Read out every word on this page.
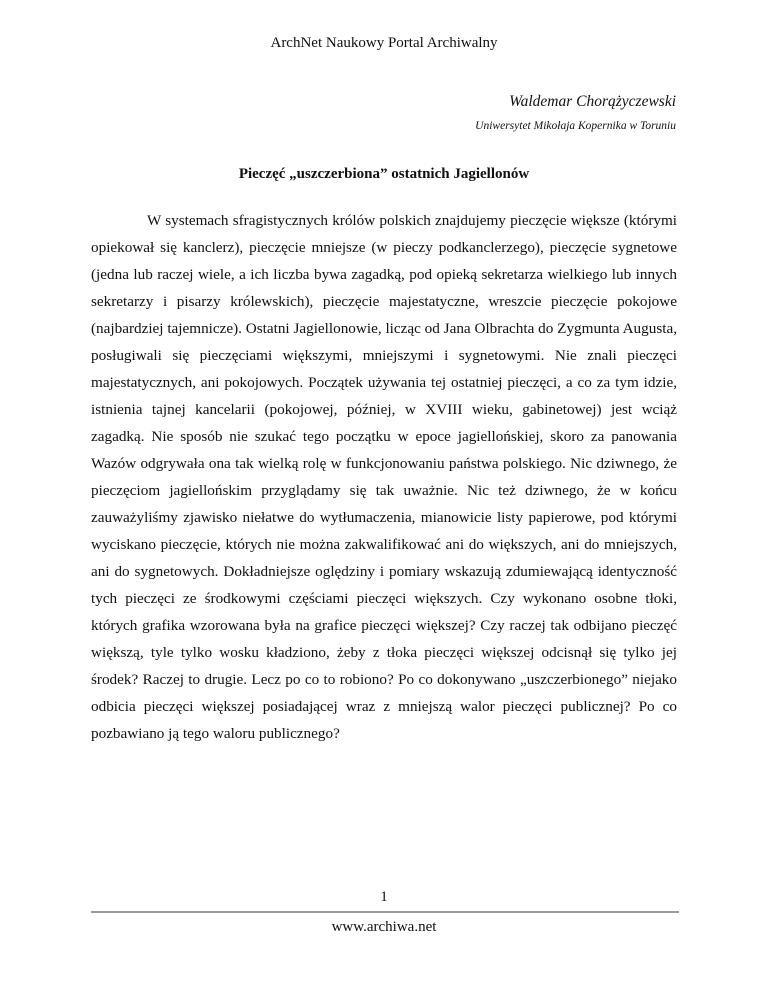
ArchNet Naukowy Portal Archiwalny
Waldemar Chorążyczewski
Uniwersytet Mikołaja Kopernika w Toruniu
Pieczęć „uszczerbiona” ostatnich Jagiellonów

W systemach sfragistycznych królów polskich znajdujemy pieczęcie większe (którymi opiekował się kanclerz), pieczęcie mniejsze (w pieczy podkanclerzego), pieczęcie sygnetowe (jedna lub raczej wiele, a ich liczba bywa zagadką, pod opieką sekretarza wielkiego lub innych sekretarzy i pisarzy królewskich), pieczęcie majestatyczne, wreszcie pieczęcie pokojowe (najbardziej tajemnicze). Ostatni Jagiellonowie, licząc od Jana Olbrachta do Zygmunta Augusta, posługiwali się pieczęciami większymi, mniejszymi i sygnetowymi. Nie znali pieczęci majestatycznych, ani pokojowych. Początek używania tej ostatniej pieczęci, a co za tym idzie, istnienia tajnej kancelarii (pokojowej, później, w XVIII wieku, gabinetowej) jest wciąż zagadką. Nie sposób nie szukać tego początku w epoce jagiellońskiej, skoro za panowania Wazów odgrywała ona tak wielką rolę w funkcjonowaniu państwa polskiego. Nic dziwnego, że pieczęciom jagiellońskim przyglądamy się tak uważnie. Nic też dziwnego, że w końcu zauważyliśmy zjawisko niełatwe do wytłumaczenia, mianowicie listy papierowe, pod którymi wyciskano pieczęcie, których nie można zakwalifikować ani do większych, ani do mniejszych, ani do sygnetowych. Dokładniejsze oględziny i pomiary wskazują zdumiewającą identyczność tych pieczęci ze środkowymi częściami pieczęci większych. Czy wykonano osobne tłoki, których grafika wzorowana była na grafice pieczęci większej? Czy raczej tak odbijano pieczęć większą, tyle tylko wosku kładziono, żeby z tłoka pieczęci większej odcisnął się tylko jej środek? Raczej to drugie. Lecz po co to robiono? Po co dokonywano „uszczerbionego” niejako odbicia pieczęci większej posiadającej wraz z mniejszą walor pieczęci publicznej? Po co pozbawiano ją tego waloru publicznego?

1
www.archiwa.net
